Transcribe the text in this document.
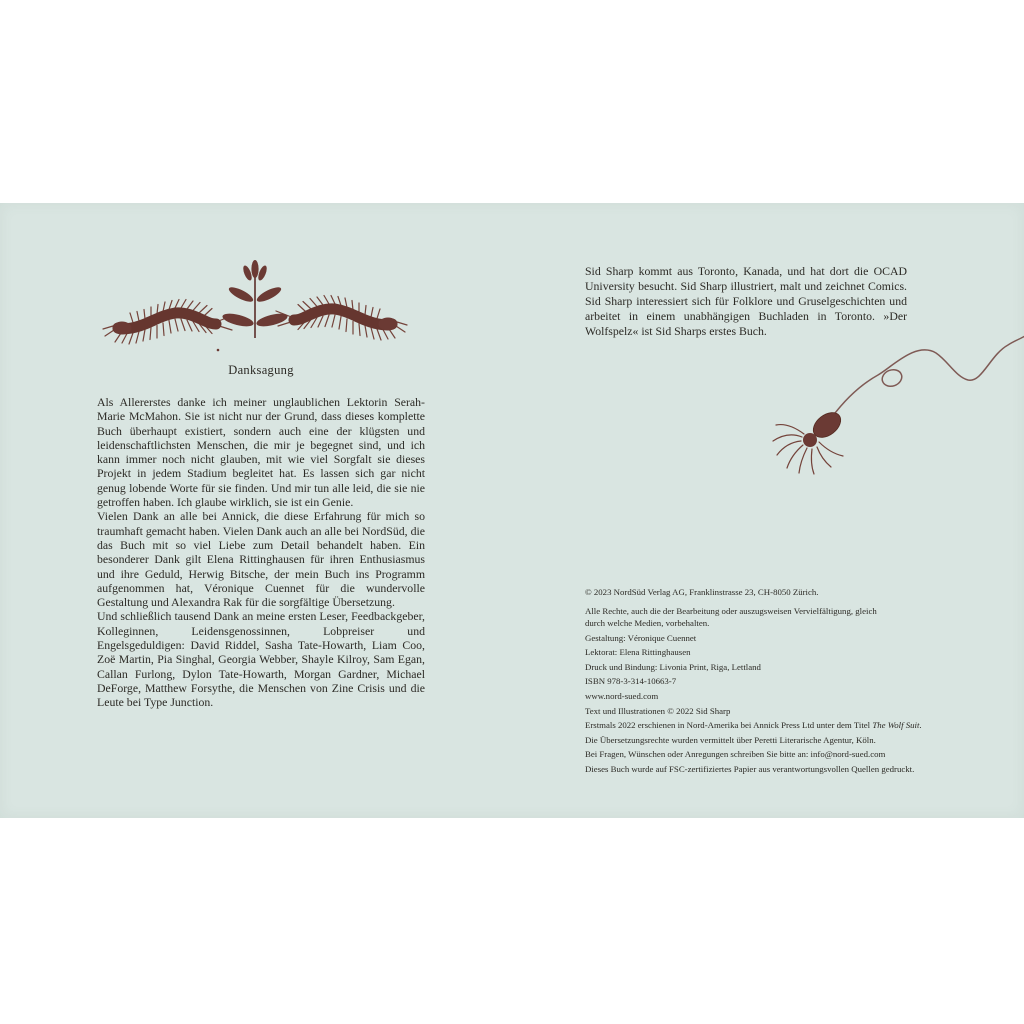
Danksagung

Als Allererstes danke ich meiner unglaublichen Lektorin Serah-Marie McMahon. Sie ist nicht nur der Grund, dass dieses komplette Buch überhaupt existiert, sondern auch eine der klügsten und leidenschaftlichsten Menschen, die mir je begegnet sind, und ich kann immer noch nicht glauben, mit wie viel Sorgfalt sie dieses Projekt in jedem Stadium begleitet hat. Es lassen sich gar nicht genug lobende Worte für sie finden. Und mir tun alle leid, die sie nie getroffen haben. Ich glaube wirklich, sie ist ein Genie.

Vielen Dank an alle bei Annick, die diese Erfahrung für mich so traumhaft gemacht haben. Vielen Dank auch an alle bei NordSüd, die das Buch mit so viel Liebe zum Detail behandelt haben. Ein besonderer Dank gilt Elena Rittinghausen für ihren Enthusiasmus und ihre Geduld, Herwig Bitsche, der mein Buch ins Programm aufgenommen hat, Véronique Cuennet für die wundervolle Gestaltung und Alexandra Rak für die sorgfältige Übersetzung.

Und schließlich tausend Dank an meine ersten Leser, Feedbackgeber, Kolleginnen, Leidensgenossinnen, Lobpreiser und Engelsgeduldigen: David Riddel, Sasha Tate-Howarth, Liam Coo, Zoë Martin, Pia Singhal, Georgia Webber, Shayle Kilroy, Sam Egan, Callan Furlong, Dylon Tate-Howarth, Morgan Gardner, Michael DeForge, Matthew Forsythe, die Menschen von Zine Crisis und die Leute bei Type Junction.

Sid Sharp kommt aus Toronto, Kanada, und hat dort die OCAD University besucht. Sid Sharp illustriert, malt und zeichnet Comics. Sid Sharp interessiert sich für Folklore und Gruselgeschichten und arbeitet in einem unabhängigen Buchladen in Toronto. »Der Wolfspelz« ist Sid Sharps erstes Buch.

© 2023 NordSüd Verlag AG, Franklinstrasse 23, CH-8050 Zürich.

Alle Rechte, auch die der Bearbeitung oder auszugsweisen Vervielfältigung, gleich durch welche Medien, vorbehalten.

Gestaltung: Véronique Cuennet

Lektorat: Elena Rittinghausen

Druck und Bindung: Livonia Print, Riga, Lettland

ISBN 978-3-314-10663-7

www.nord-sued.com

Text und Illustrationen © 2022 Sid Sharp

Erstmals 2022 erschienen in Nord-Amerika bei Annick Press Ltd unter dem Titel The Wolf Suit.

Die Übersetzungsrechte wurden vermittelt über Peretti Literarische Agentur, Köln.

Bei Fragen, Wünschen oder Anregungen schreiben Sie bitte an: info@nord-sued.com

Dieses Buch wurde auf FSC-zertifiziertes Papier aus verantwortungsvollen Quellen gedruckt.
